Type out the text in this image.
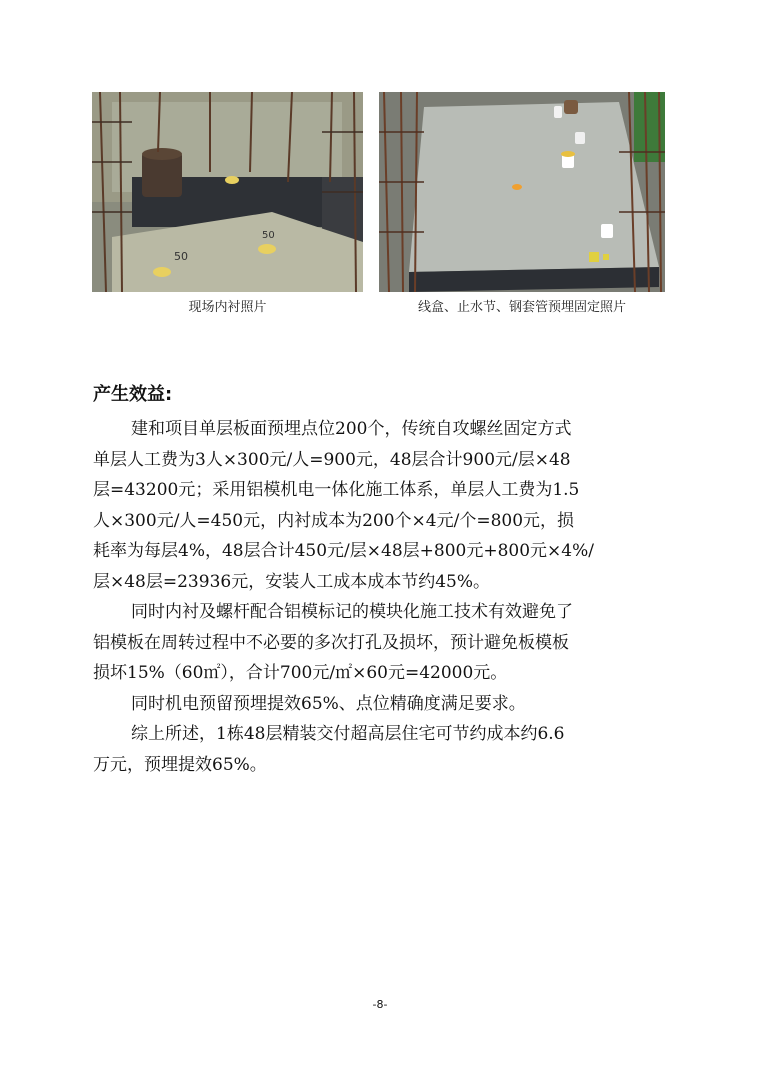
50
50
现场内衬照片	线盒、止水节、钢套管预埋固定照片
产生效益:
建和项目单层板面预埋点位200个，传统自攻螺丝固定方式
单层人工费为3人×300元/人=900元，48层合计900元/层×48
层=43200元；采用铝模机电一体化施工体系，单层人工费为1.5
人×300元/人=450元，内衬成本为200个×4元/个=800元，损
耗率为每层4%，48层合计450元/层×48层+800元+800元×4%/
层×48层=23936元，安装人工成本成本节约45%。
同时内衬及螺杆配合铝模标记的模块化施工技术有效避免了
铝模板在周转过程中不必要的多次打孔及损坏，预计避免板模板
损坏15%（60㎡），合计700元/㎡×60元=42000元。
同时机电预留预埋提效65%、点位精确度满足要求。
综上所述，1栋48层精装交付超高层住宅可节约成本约6.6
万元，预埋提效65%。
-8-
